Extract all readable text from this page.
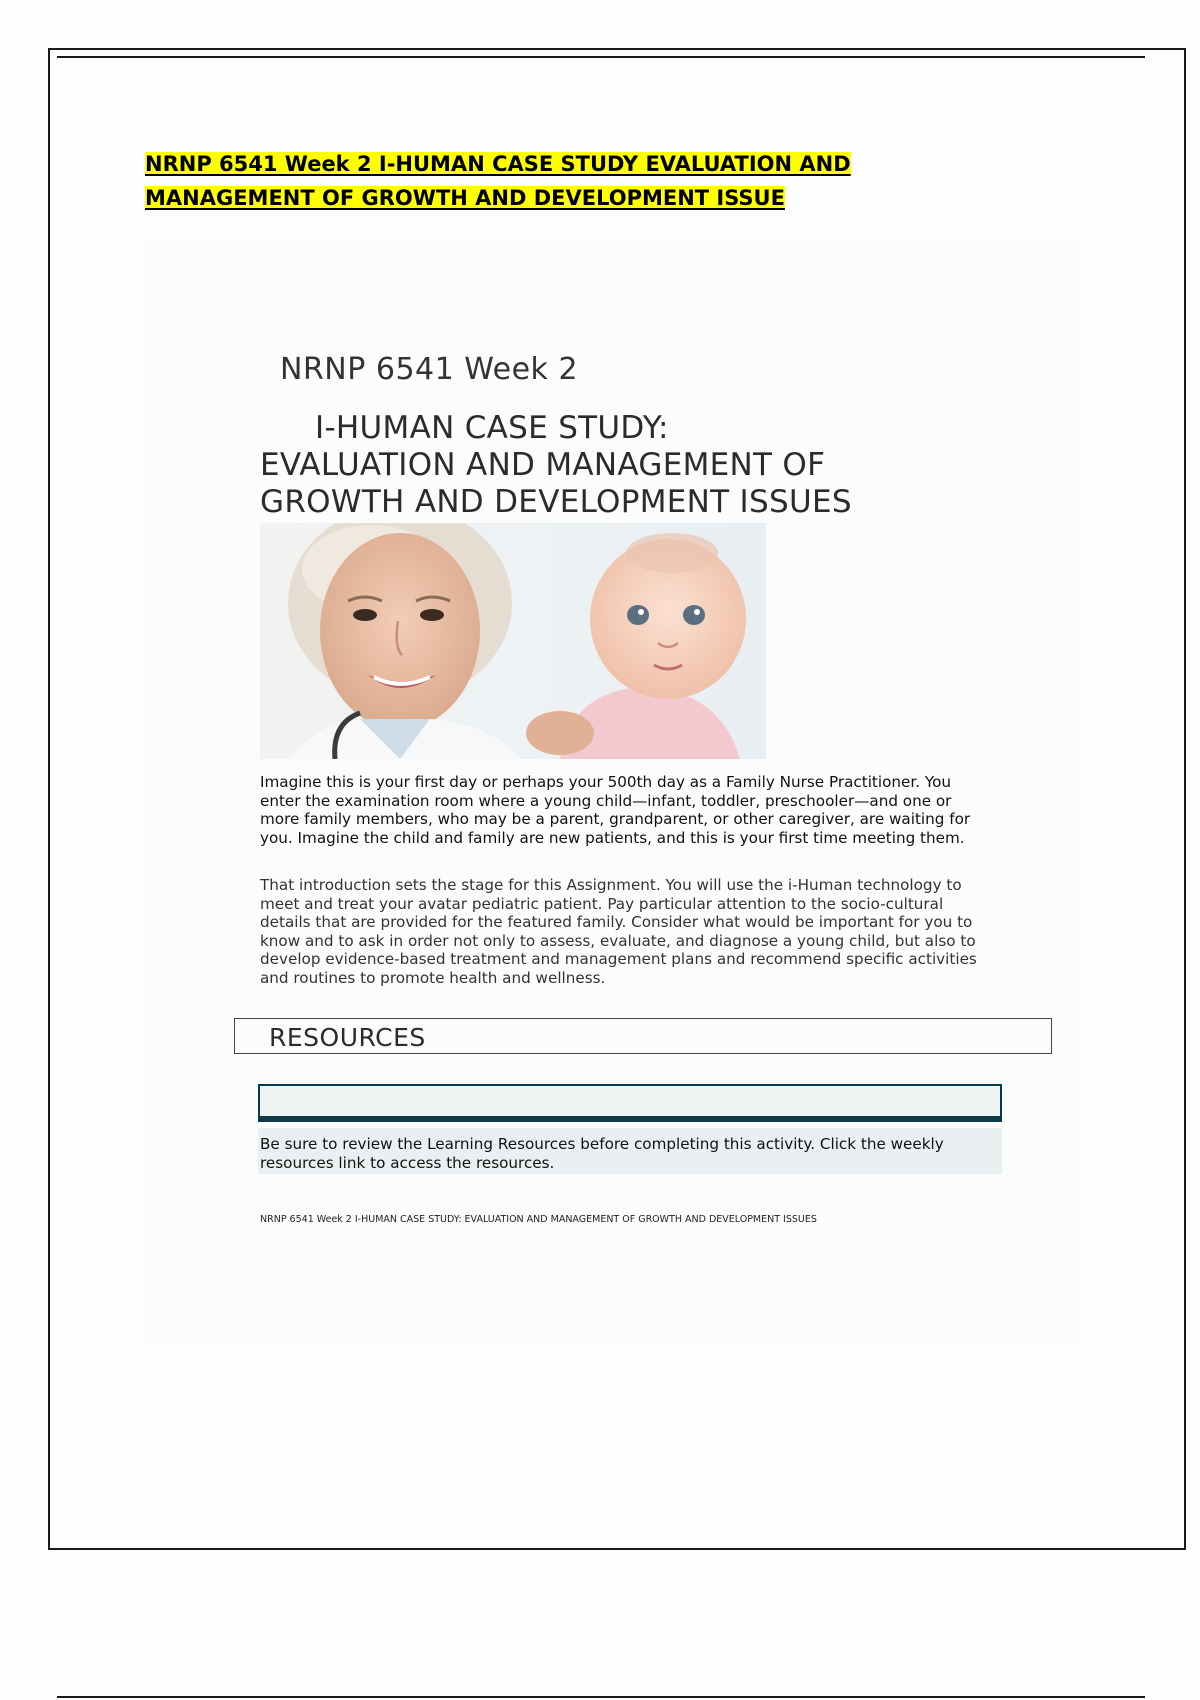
NRNP 6541 Week 2 I-HUMAN CASE STUDY EVALUATION AND
MANAGEMENT OF GROWTH AND DEVELOPMENT ISSUE
NRNP 6541 Week 2
I-HUMAN CASE STUDY:
EVALUATION AND MANAGEMENT OF
GROWTH AND DEVELOPMENT ISSUES
Imagine this is your first day or perhaps your 500th day as a Family Nurse Practitioner. You enter the examination room where a young child—infant, toddler, preschooler—and one or more family members, who may be a parent, grandparent, or other caregiver, are waiting for you. Imagine the child and family are new patients, and this is your first time meeting them.
That introduction sets the stage for this Assignment. You will use the i-Human technology to meet and treat your avatar pediatric patient. Pay particular attention to the socio-cultural details that are provided for the featured family. Consider what would be important for you to know and to ask in order not only to assess, evaluate, and diagnose a young child, but also to develop evidence-based treatment and management plans and recommend specific activities and routines to promote health and wellness.
RESOURCES
Be sure to review the Learning Resources before completing this activity. Click the weekly resources link to access the resources.
NRNP 6541 Week 2 I-HUMAN CASE STUDY: EVALUATION AND MANAGEMENT OF GROWTH AND DEVELOPMENT ISSUES
